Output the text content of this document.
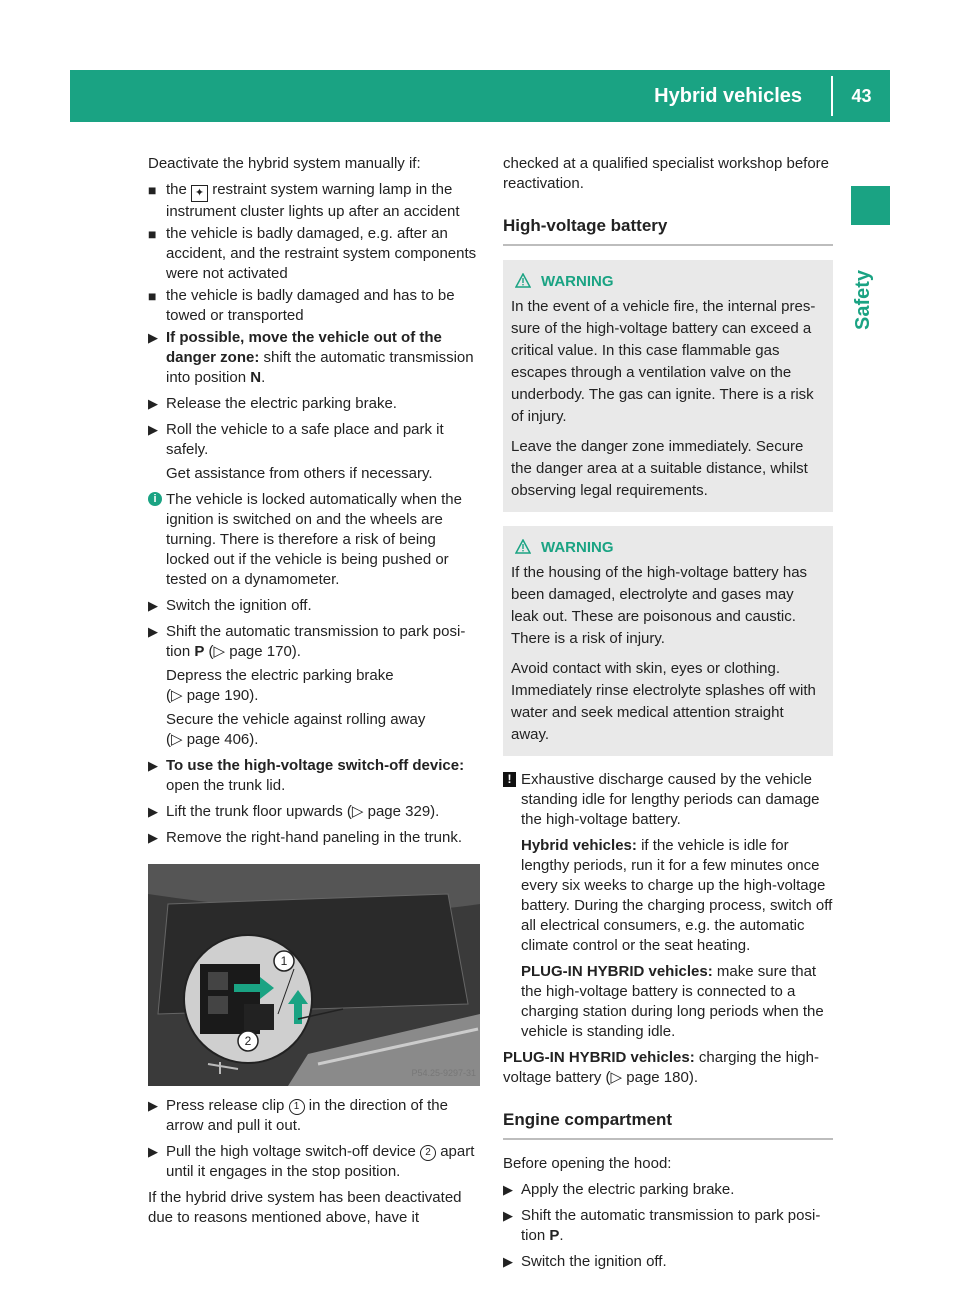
Hybrid vehicles	43
Safety

Deactivate the hybrid system manually if:

■ the ✦ restraint system warning lamp in the instrument cluster lights up after an accident
■ the vehicle is badly damaged, e.g. after an accident, and the restraint system components were not activated
■ the vehicle is badly damaged and has to be towed or transported
▶ If possible, move the vehicle out of the danger zone: shift the automatic transmission into position N.
▶ Release the electric parking brake.
▶ Roll the vehicle to a safe place and park it safely.
Get assistance from others if necessary.
i The vehicle is locked automatically when the ignition is switched on and the wheels are turning. There is therefore a risk of being locked out if the vehicle is being pushed or tested on a dynamometer.
▶ Switch the ignition off.
▶ Shift the automatic transmission to park position P (▷ page 170).
Depress the electric parking brake
(▷ page 190).
Secure the vehicle against rolling away
(▷ page 406).
▶ To use the high-voltage switch-off device: open the trunk lid.
▶ Lift the trunk floor upwards (▷ page 329).
▶ Remove the right-hand paneling in the trunk.
1
2
P54.25-9297-31
▶ Press release clip 1 in the direction of the arrow and pull it out.
▶ Pull the high voltage switch-off device 2 apart until it engages in the stop position.

If the hybrid drive system has been deactivated due to reasons mentioned above, have it

checked at a qualified specialist workshop before reactivation.

High-voltage battery
WARNING

In the event of a vehicle fire, the internal pressure of the high-voltage battery can exceed a critical value. In this case flammable gas escapes through a ventilation valve on the underbody. The gas can ignite. There is a risk of injury.

Leave the danger zone immediately. Secure the danger area at a suitable distance, whilst observing legal requirements.

WARNING

If the housing of the high-voltage battery has been damaged, electrolyte and gases may leak out. These are poisonous and caustic. There is a risk of injury.

Avoid contact with skin, eyes or clothing. Immediately rinse electrolyte splashes off with water and seek medical attention straight away.

! Exhaustive discharge caused by the vehicle standing idle for lengthy periods can damage the high-voltage battery.
Hybrid vehicles: if the vehicle is idle for lengthy periods, run it for a few minutes once every six weeks to charge up the high-voltage battery. During the charging process, switch off all electrical consumers, e.g. the automatic climate control or the seat heating.
PLUG-IN HYBRID vehicles: make sure that the high-voltage battery is connected to a charging station during long periods when the vehicle is standing idle.

PLUG-IN HYBRID vehicles: charging the high-voltage battery (▷ page 180).

Engine compartment

Before opening the hood:

▶ Apply the electric parking brake.
▶ Shift the automatic transmission to park position P.
▶ Switch the ignition off.
